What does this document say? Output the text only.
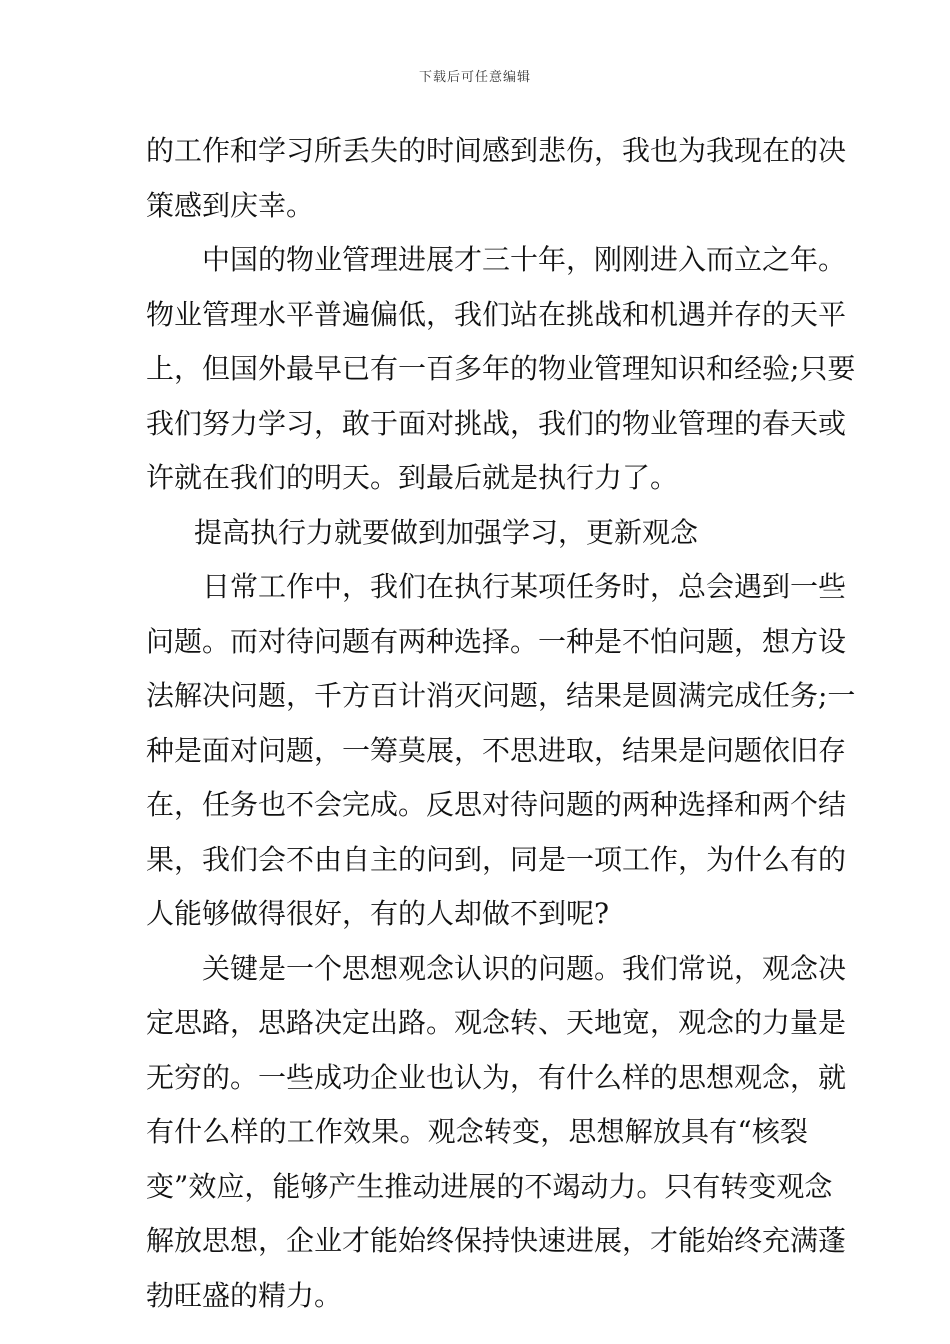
下载后可任意编辑
的工作和学习所丢失的时间感到悲伤，我也为我现在的决
策感到庆幸。
中国的物业管理进展才三十年，刚刚进入而立之年。
物业管理水平普遍偏低，我们站在挑战和机遇并存的天平
上，但国外最早已有一百多年的物业管理知识和经验;只要
我们努力学习，敢于面对挑战，我们的物业管理的春天或
许就在我们的明天。到最后就是执行力了。
提高执行力就要做到加强学习，更新观念
日常工作中，我们在执行某项任务时，总会遇到一些
问题。而对待问题有两种选择。一种是不怕问题，想方设
法解决问题，千方百计消灭问题，结果是圆满完成任务;一
种是面对问题，一筹莫展，不思进取，结果是问题依旧存
在，任务也不会完成。反思对待问题的两种选择和两个结
果，我们会不由自主的问到，同是一项工作，为什么有的
人能够做得很好，有的人却做不到呢?
关键是一个思想观念认识的问题。我们常说，观念决
定思路，思路决定出路。观念转、天地宽，观念的力量是
无穷的。一些成功企业也认为，有什么样的思想观念，就
有什么样的工作效果。观念转变，思想解放具有“核裂
变”效应，能够产生推动进展的不竭动力。只有转变观念
解放思想，企业才能始终保持快速进展，才能始终充满蓬
勃旺盛的精力。
